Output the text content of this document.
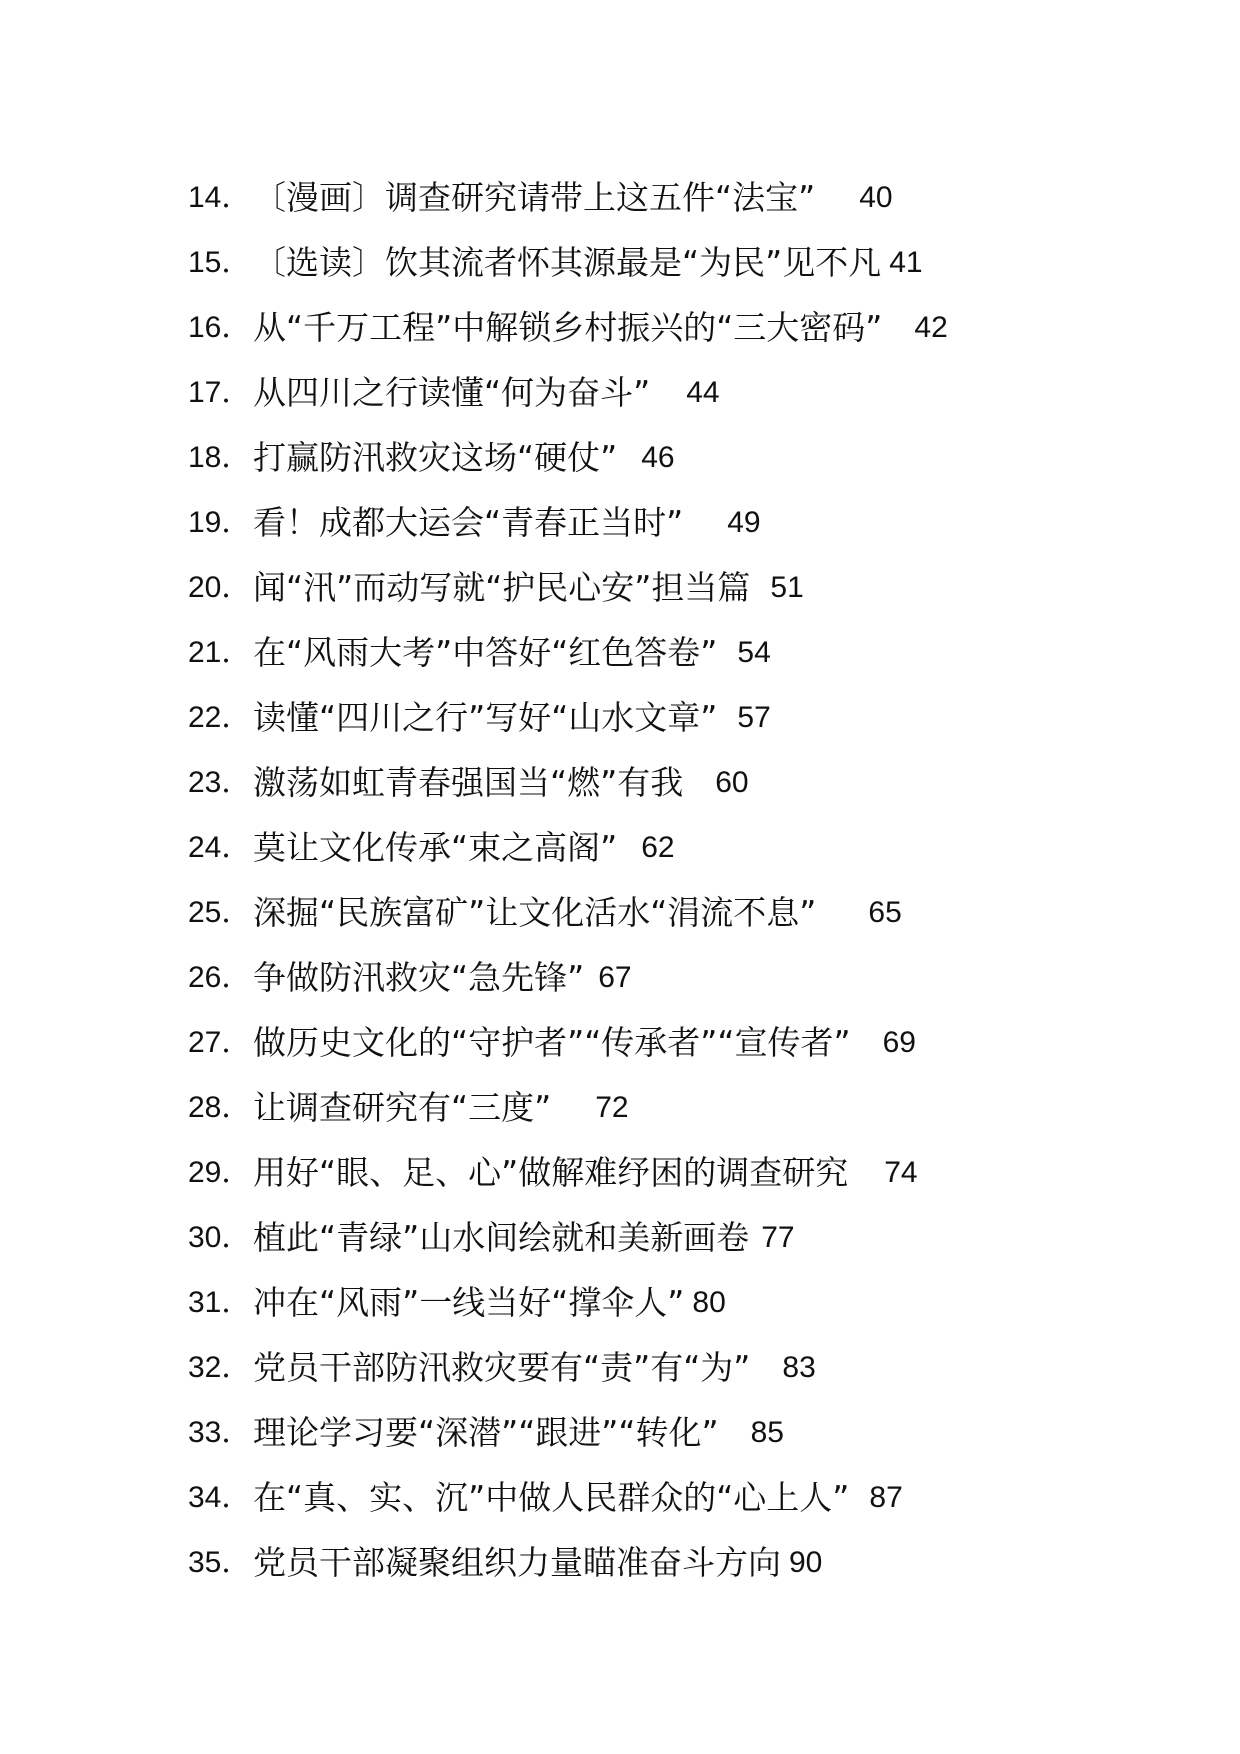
14． 〔漫画〕调查研究请带上这五件“法宝” 40
15． 〔选读〕饮其流者怀其源最是“为民”见不凡 41
16． 从“千万工程”中解锁乡村振兴的“三大密码” 42
17． 从四川之行读懂“何为奋斗” 44
18． 打赢防汛救灾这场“硬仗” 46
19． 看！成都大运会“青春正当时” 49
20． 闻“汛”而动写就“护民心安”担当篇 51
21． 在“风雨大考”中答好“红色答卷” 54
22． 读懂“四川之行”写好“山水文章” 57
23． 激荡如虹青春强国当“燃”有我 60
24． 莫让文化传承“束之高阁” 62
25． 深掘“民族富矿”让文化活水“涓流不息” 65
26． 争做防汛救灾“急先锋” 67
27． 做历史文化的“守护者”“传承者”“宣传者” 69
28． 让调查研究有“三度” 72
29． 用好“眼、足、心”做解难纾困的调查研究 74
30． 植此“青绿”山水间绘就和美新画卷 77
31． 冲在“风雨”一线当好“撑伞人” 80
32． 党员干部防汛救灾要有“责”有“为” 83
33． 理论学习要“深潜”“跟进”“转化” 85
34． 在“真、实、沉”中做人民群众的“心上人” 87
35． 党员干部凝聚组织力量瞄准奋斗方向 90
